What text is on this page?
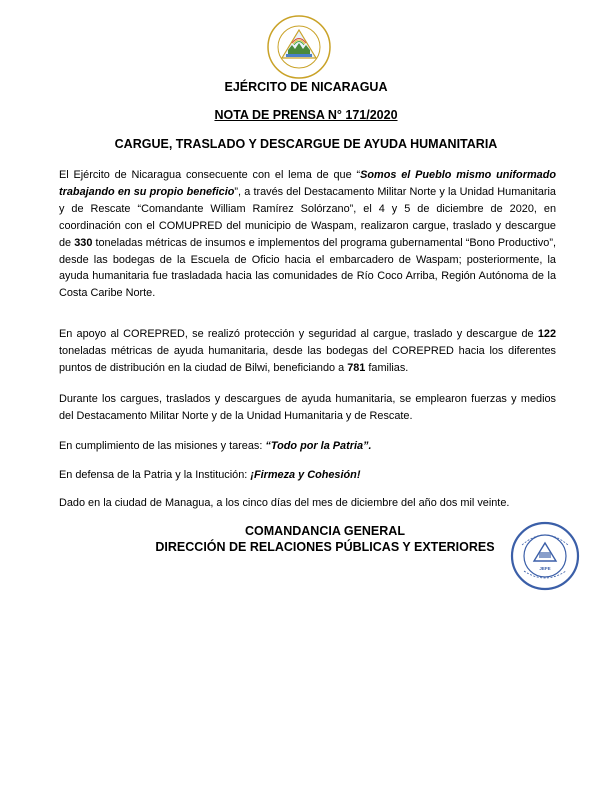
EJÉRCITO DE NICARAGUA
NOTA DE PRENSA N° 171/2020
CARGUE, TRASLADO Y DESCARGUE DE AYUDA HUMANITARIA
El Ejército de Nicaragua consecuente con el lema de que “Somos el Pueblo mismo uniformado trabajando en su propio beneficio”, a través del Destacamento Militar Norte y la Unidad Humanitaria y de Rescate “Comandante William Ramírez Solórzano”, el 4 y 5 de diciembre de 2020, en coordinación con el COMUPRED del municipio de Waspam, realizaron cargue, traslado y descargue de 330 toneladas métricas de insumos e implementos del programa gubernamental “Bono Productivo”, desde las bodegas de la Escuela de Oficio hacia el embarcadero de Waspam; posteriormente, la ayuda humanitaria fue trasladada hacia las comunidades de Río Coco Arriba, Región Autónoma de la Costa Caribe Norte.
En apoyo al COREPRED, se realizó protección y seguridad al cargue, traslado y descargue de 122 toneladas métricas de ayuda humanitaria, desde las bodegas del COREPRED hacia los diferentes puntos de distribución en la ciudad de Bilwi, beneficiando a 781 familias.
Durante los cargues, traslados y descargues de ayuda humanitaria, se emplearon fuerzas y medios del Destacamento Militar Norte y de la Unidad Humanitaria y de Rescate.
En cumplimiento de las misiones y tareas: “Todo por la Patria”.
En defensa de la Patria y la Institución: ¡Firmeza y Cohesión!
Dado en la ciudad de Managua, a los cinco días del mes de diciembre del año dos mil veinte.
COMANDANCIA GENERAL
DIRECCIÓN DE RELACIONES PÚBLICAS Y EXTERIORES
JEFE
